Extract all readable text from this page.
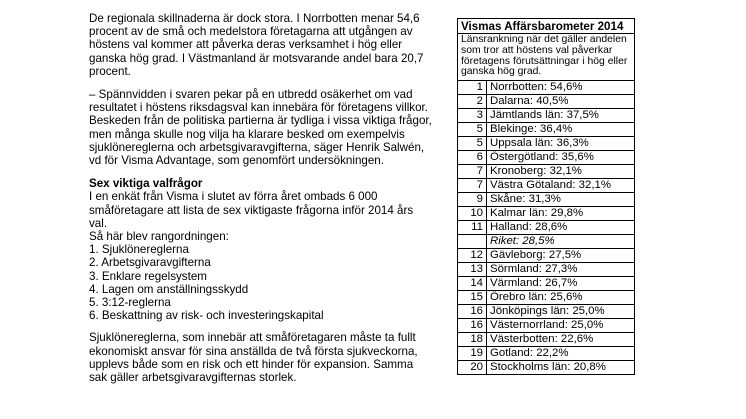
De regionala skillnaderna är dock stora. I Norrbotten menar 54,6 procent av de små och medelstora företagarna att utgången av höstens val kommer att påverka deras verksamhet i hög eller ganska hög grad. I Västmanland är motsvarande andel bara 20,7 procent.

– Spännvidden i svaren pekar på en utbredd osäkerhet om vad resultatet i höstens riksdagsval kan innebära för företagens villkor. Beskeden från de politiska partierna är tydliga i vissa viktiga frågor, men många skulle nog vilja ha klarare besked om exempelvis sjuklönereglerna och arbetsgivaravgifterna, säger Henrik Salwén, vd för Visma Advantage, som genomfört undersökningen.

Sex viktiga valfrågor
I en enkät från Visma i slutet av förra året ombads 6 000 småföretagare att lista de sex viktigaste frågorna inför 2014 års val.
Så här blev rangordningen:
1. Sjuklönereglerna
2. Arbetsgivaravgifterna
3. Enklare regelsystem
4. Lagen om anställningsskydd
5. 3:12-reglerna
6. Beskattning av risk- och investeringskapital

Sjuklönereglerna, som innebär att småföretagaren måste ta fullt ekonomiskt ansvar för sina anställda de två första sjukveckorna, upplevs både som en risk och ett hinder för expansion. Samma sak gäller arbetsgivaravgifternas storlek.

Vismas Affärsbarometer 2014
Länsrankning när det gäller andelen som tror att höstens val påverkar företagens förutsättningar i hög eller ganska hög grad.
1	Norrbotten: 54,6%
2	Dalarna: 40,5%
3	Jämtlands län: 37,5%
5	Blekinge: 36,4%
5	Uppsala län: 36,3%
6	Östergötland: 35,6%
7	Kronoberg: 32,1%
7	Västra Götaland: 32,1%
9	Skåne: 31,3%
10	Kalmar län: 29,8%
11	Halland: 28,6%
	Riket: 28,5%
12	Gävleborg: 27,5%
13	Sörmland: 27,3%
14	Värmland: 26,7%
15	Örebro län: 25,6%
16	Jönköpings län: 25,0%
16	Västernorrland: 25,0%
18	Västerbotten: 22,6%
19	Gotland: 22,2%
20	Stockholms län: 20,8%
